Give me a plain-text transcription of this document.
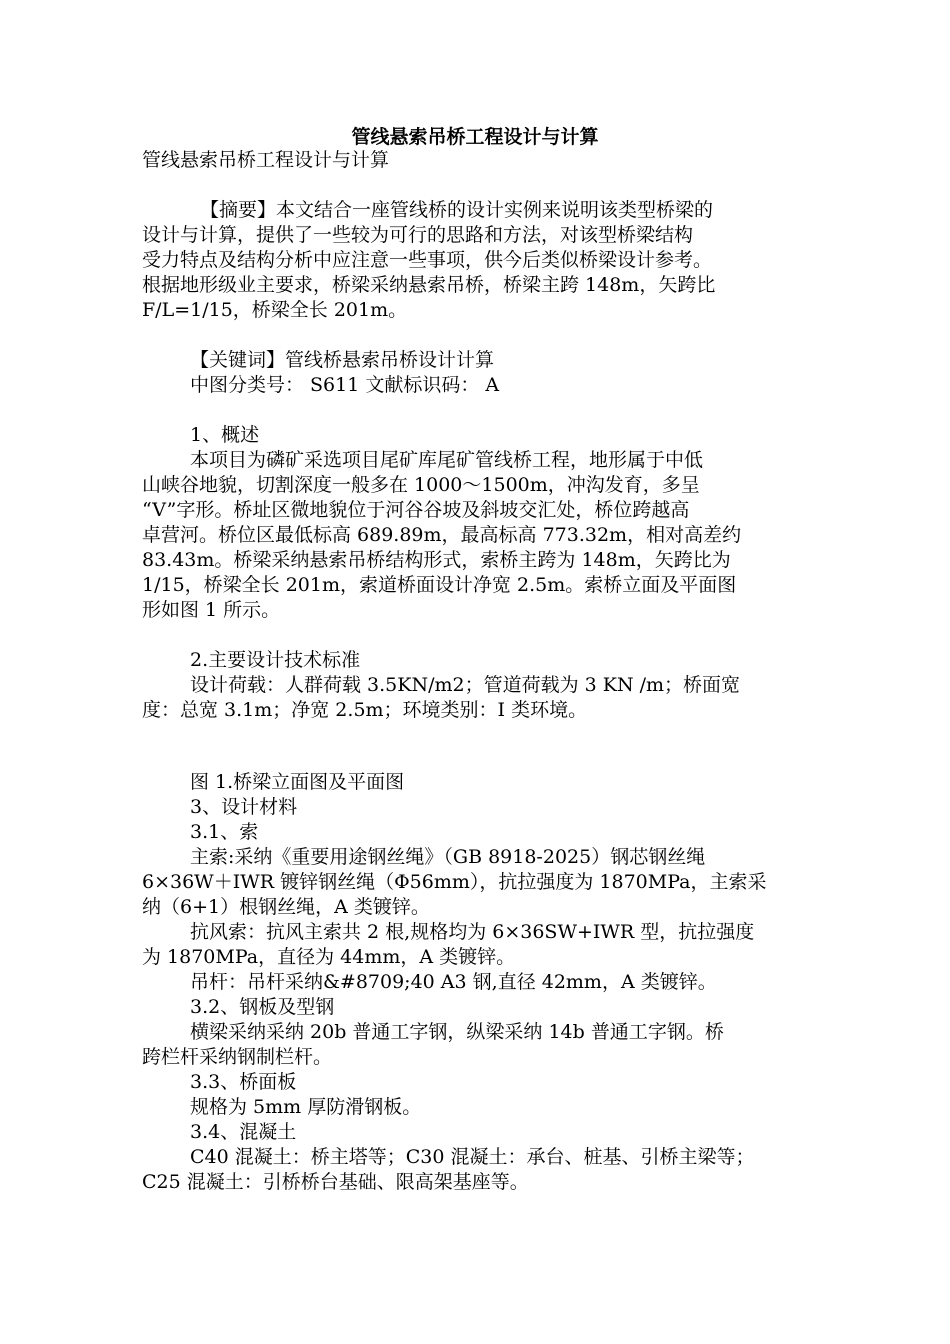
管线悬索吊桥工程设计与计算

管线悬索吊桥工程设计与计算

【摘要】本文结合一座管线桥的设计实例来说明该类型桥梁的

设计与计算，提供了一些较为可行的思路和方法，对该型桥梁结构

受力特点及结构分析中应注意一些事项，供今后类似桥梁设计参考。

根据地形级业主要求，桥梁采纳悬索吊桥，桥梁主跨 148m，矢跨比

F/L=1/15，桥梁全长 201m。

【关键词】管线桥悬索吊桥设计计算

中图分类号： S611 文献标识码： A

1、概述

本项目为磷矿采选项目尾矿库尾矿管线桥工程，地形属于中低

山峡谷地貌，切割深度一般多在 1000～1500m，冲沟发育，多呈

“V”字形。桥址区微地貌位于河谷谷坡及斜坡交汇处，桥位跨越高

卓营河。桥位区最低标高 689.89m，最高标高 773.32m，相对高差约

83.43m。桥梁采纳悬索吊桥结构形式，索桥主跨为 148m，矢跨比为

1/15，桥梁全长 201m，索道桥面设计净宽 2.5m。索桥立面及平面图

形如图 1 所示。

2.主要设计技术标准

设计荷载：人群荷载 3.5KN/m2；管道荷载为 3 KN /m；桥面宽

度：总宽 3.1m；净宽 2.5m；环境类别：I 类环境。

图 1.桥梁立面图及平面图

3、设计材料

3.1、索

主索:采纳《重要用途钢丝绳》（GB 8918-2025）钢芯钢丝绳

6×36W＋IWR 镀锌钢丝绳（Φ56mm），抗拉强度为 1870MPa，主索采

纳（6+1）根钢丝绳，A 类镀锌。

抗风索：抗风主索共 2 根,规格均为 6×36SW+IWR 型，抗拉强度

为 1870MPa，直径为 44mm，A 类镀锌。

吊杆：吊杆采纳&#8709;40 A3 钢,直径 42mm，A 类镀锌。

3.2、钢板及型钢

横梁采纳采纳 20b 普通工字钢，纵梁采纳 14b 普通工字钢。桥

跨栏杆采纳钢制栏杆。

3.3、桥面板

规格为 5mm 厚防滑钢板。

3.4、混凝土

C40 混凝土：桥主塔等；C30 混凝土：承台、桩基、引桥主梁等；

C25 混凝土：引桥桥台基础、限高架基座等。
